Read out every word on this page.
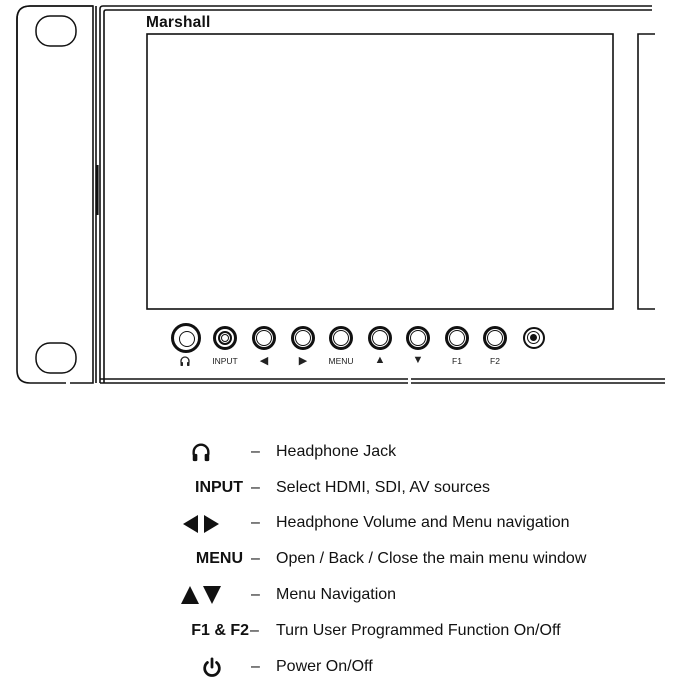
Marshall
INPUT	◀	▶	MENU	▲	▼	F1	F2
– Headphone Jack
INPUT – Select HDMI, SDI, AV sources
– Headphone Volume and Menu navigation
MENU – Open / Back / Close the main menu window
– Menu Navigation
F1 & F2 – Turn User Programmed Function On/Off
– Power On/Off
